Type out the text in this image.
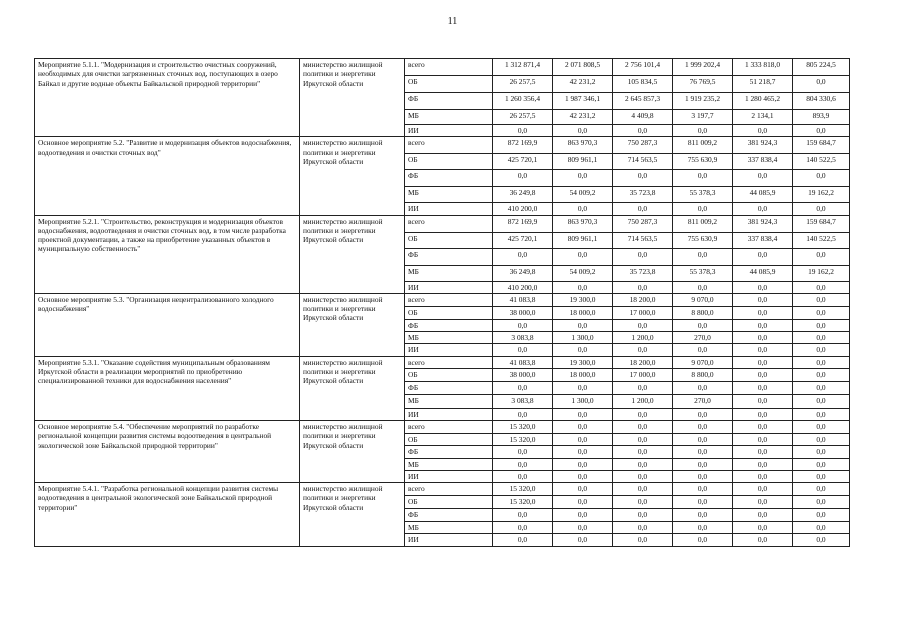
11
Мероприятие 5.1.1. "Модернизация и строительство очистных сооружений, необходимых для очистки загрязненных сточных вод, поступающих в озеро Байкал и другие водные объекты Байкальской природной территории"	министерство жилищной политики и энергетики Иркутской области	всего	1 312 871,4	2 071 808,5	2 756 101,4	1 999 202,4	1 333 818,0	805 224,5
		ОБ	26 257,5	42 231,2	105 834,5	76 769,5	51 218,7	0,0
		ФБ	1 260 356,4	1 987 346,1	2 645 857,3	1 919 235,2	1 280 465,2	804 330,6
		МБ	26 257,5	42 231,2	4 409,8	3 197,7	2 134,1	893,9
		ИИ	0,0	0,0	0,0	0,0	0,0	0,0
Основное мероприятие 5.2. "Развитие и модернизация объектов водоснабжения, водоотведения и очистки сточных вод"	министерство жилищной политики и энергетики Иркутской области	всего	872 169,9	863 970,3	750 287,3	811 009,2	381 924,3	159 684,7
		ОБ	425 720,1	809 961,1	714 563,5	755 630,9	337 838,4	140 522,5
		ФБ	0,0	0,0	0,0	0,0	0,0	0,0
		МБ	36 249,8	54 009,2	35 723,8	55 378,3	44 085,9	19 162,2
		ИИ	410 200,0	0,0	0,0	0,0	0,0	0,0
Мероприятие 5.2.1. "Строительство, реконструкция и модернизация объектов водоснабжения, водоотведения и очистки сточных вод, в том числе разработка проектной документации, а также на приобретение указанных объектов в муниципальную собственность"	министерство жилищной политики и энергетики Иркутской области	всего	872 169,9	863 970,3	750 287,3	811 009,2	381 924,3	159 684,7
		ОБ	425 720,1	809 961,1	714 563,5	755 630,9	337 838,4	140 522,5
		ФБ	0,0	0,0	0,0	0,0	0,0	0,0
		МБ	36 249,8	54 009,2	35 723,8	55 378,3	44 085,9	19 162,2
		ИИ	410 200,0	0,0	0,0	0,0	0,0	0,0
Основное мероприятие 5.3. "Организация нецентрализованного холодного водоснабжения"	министерство жилищной политики и энергетики Иркутской области	всего	41 083,8	19 300,0	18 200,0	9 070,0	0,0	0,0
		ОБ	38 000,0	18 000,0	17 000,0	8 800,0	0,0	0,0
		ФБ	0,0	0,0	0,0	0,0	0,0	0,0
		МБ	3 083,8	1 300,0	1 200,0	270,0	0,0	0,0
		ИИ	0,0	0,0	0,0	0,0	0,0	0,0
Мероприятие 5.3.1. "Оказание содействия муниципальным образованиям Иркутской области в реализации мероприятий по приобретению специализированной техники для водоснабжения населения"	министерство жилищной политики и энергетики Иркутской области	всего	41 083,8	19 300,0	18 200,0	9 070,0	0,0	0,0
		ОБ	38 000,0	18 000,0	17 000,0	8 800,0	0,0	0,0
		ФБ	0,0	0,0	0,0	0,0	0,0	0,0
		МБ	3 083,8	1 300,0	1 200,0	270,0	0,0	0,0
		ИИ	0,0	0,0	0,0	0,0	0,0	0,0
Основное мероприятие 5.4. "Обеспечение мероприятий по разработке региональной концепции развития системы водоотведения в центральной экологической зоне Байкальской природной территории"	министерство жилищной политики и энергетики Иркутской области	всего	15 320,0	0,0	0,0	0,0	0,0	0,0
		ОБ	15 320,0	0,0	0,0	0,0	0,0	0,0
		ФБ	0,0	0,0	0,0	0,0	0,0	0,0
		МБ	0,0	0,0	0,0	0,0	0,0	0,0
		ИИ	0,0	0,0	0,0	0,0	0,0	0,0
Мероприятие 5.4.1. "Разработка региональной концепции развития системы водоотведения в центральной экологической зоне Байкальской природной территории"	министерство жилищной политики и энергетики Иркутской области	всего	15 320,0	0,0	0,0	0,0	0,0	0,0
		ОБ	15 320,0	0,0	0,0	0,0	0,0	0,0
		ФБ	0,0	0,0	0,0	0,0	0,0	0,0
		МБ	0,0	0,0	0,0	0,0	0,0	0,0
		ИИ	0,0	0,0	0,0	0,0	0,0	0,0
